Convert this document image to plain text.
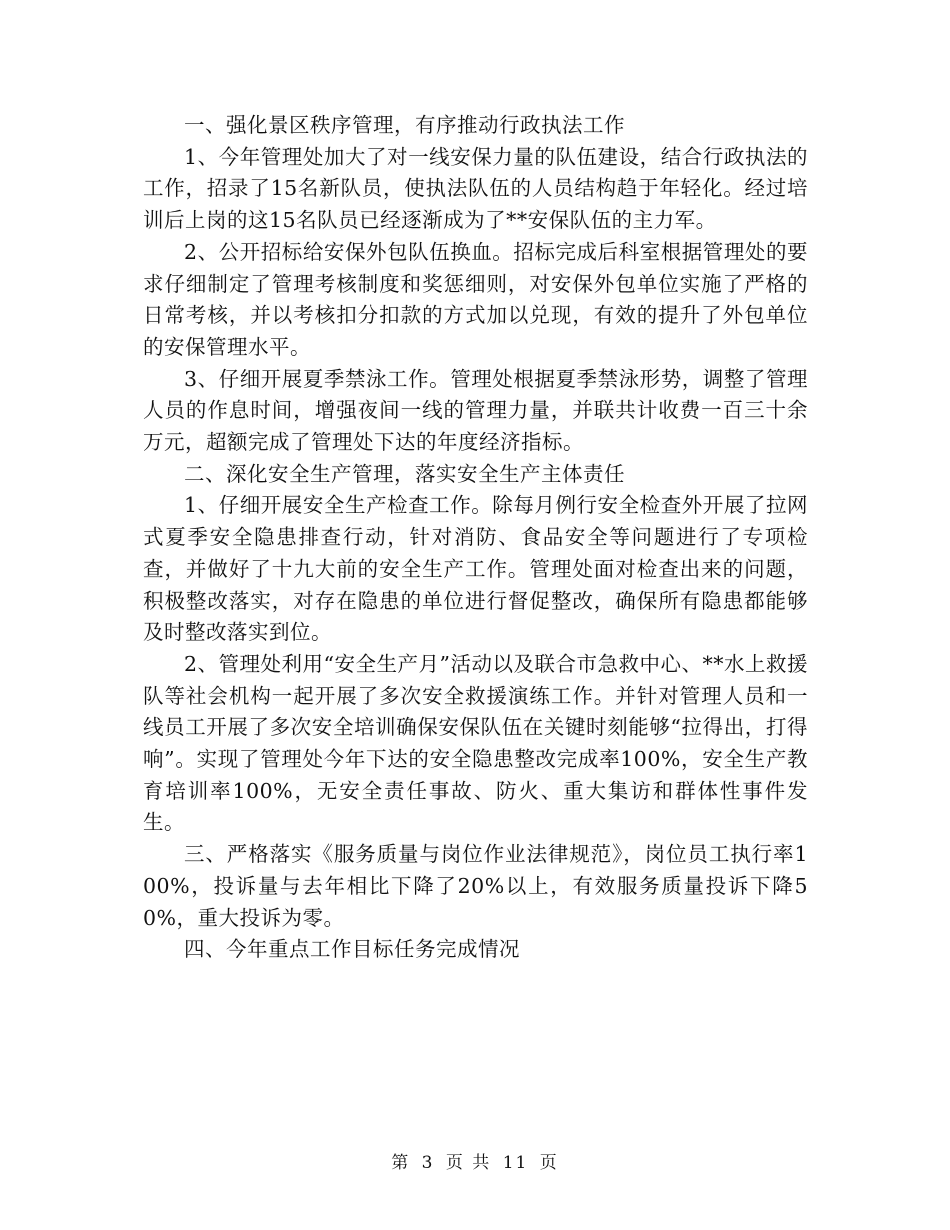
一、强化景区秩序管理，有序推动行政执法工作

1、今年管理处加大了对一线安保力量的队伍建设，结合行政执法的工作，招录了15名新队员，使执法队伍的人员结构趋于年轻化。经过培训后上岗的这15名队员已经逐渐成为了**安保队伍的主力军。

2、公开招标给安保外包队伍换血。招标完成后科室根据管理处的要求仔细制定了管理考核制度和奖惩细则，对安保外包单位实施了严格的日常考核，并以考核扣分扣款的方式加以兑现，有效的提升了外包单位的安保管理水平。

3、仔细开展夏季禁泳工作。管理处根据夏季禁泳形势，调整了管理人员的作息时间，增强夜间一线的管理力量，并联共计收费一百三十余万元，超额完成了管理处下达的年度经济指标。

二、深化安全生产管理，落实安全生产主体责任

1、仔细开展安全生产检查工作。除每月例行安全检查外开展了拉网式夏季安全隐患排查行动，针对消防、食品安全等问题进行了专项检查，并做好了十九大前的安全生产工作。管理处面对检查出来的问题，积极整改落实，对存在隐患的单位进行督促整改，确保所有隐患都能够及时整改落实到位。

2、管理处利用“安全生产月”活动以及联合市急救中心、**水上救援队等社会机构一起开展了多次安全救援演练工作。并针对管理人员和一线员工开展了多次安全培训确保安保队伍在关键时刻能够“拉得出，打得响”。实现了管理处今年下达的安全隐患整改完成率100%，安全生产教育培训率100%，无安全责任事故、防火、重大集访和群体性事件发生。

三、严格落实《服务质量与岗位作业法律规范》，岗位员工执行率100%，投诉量与去年相比下降了20%以上，有效服务质量投诉下降50%，重大投诉为零。

四、今年重点工作目标任务完成情况

第 3 页 共 11 页
